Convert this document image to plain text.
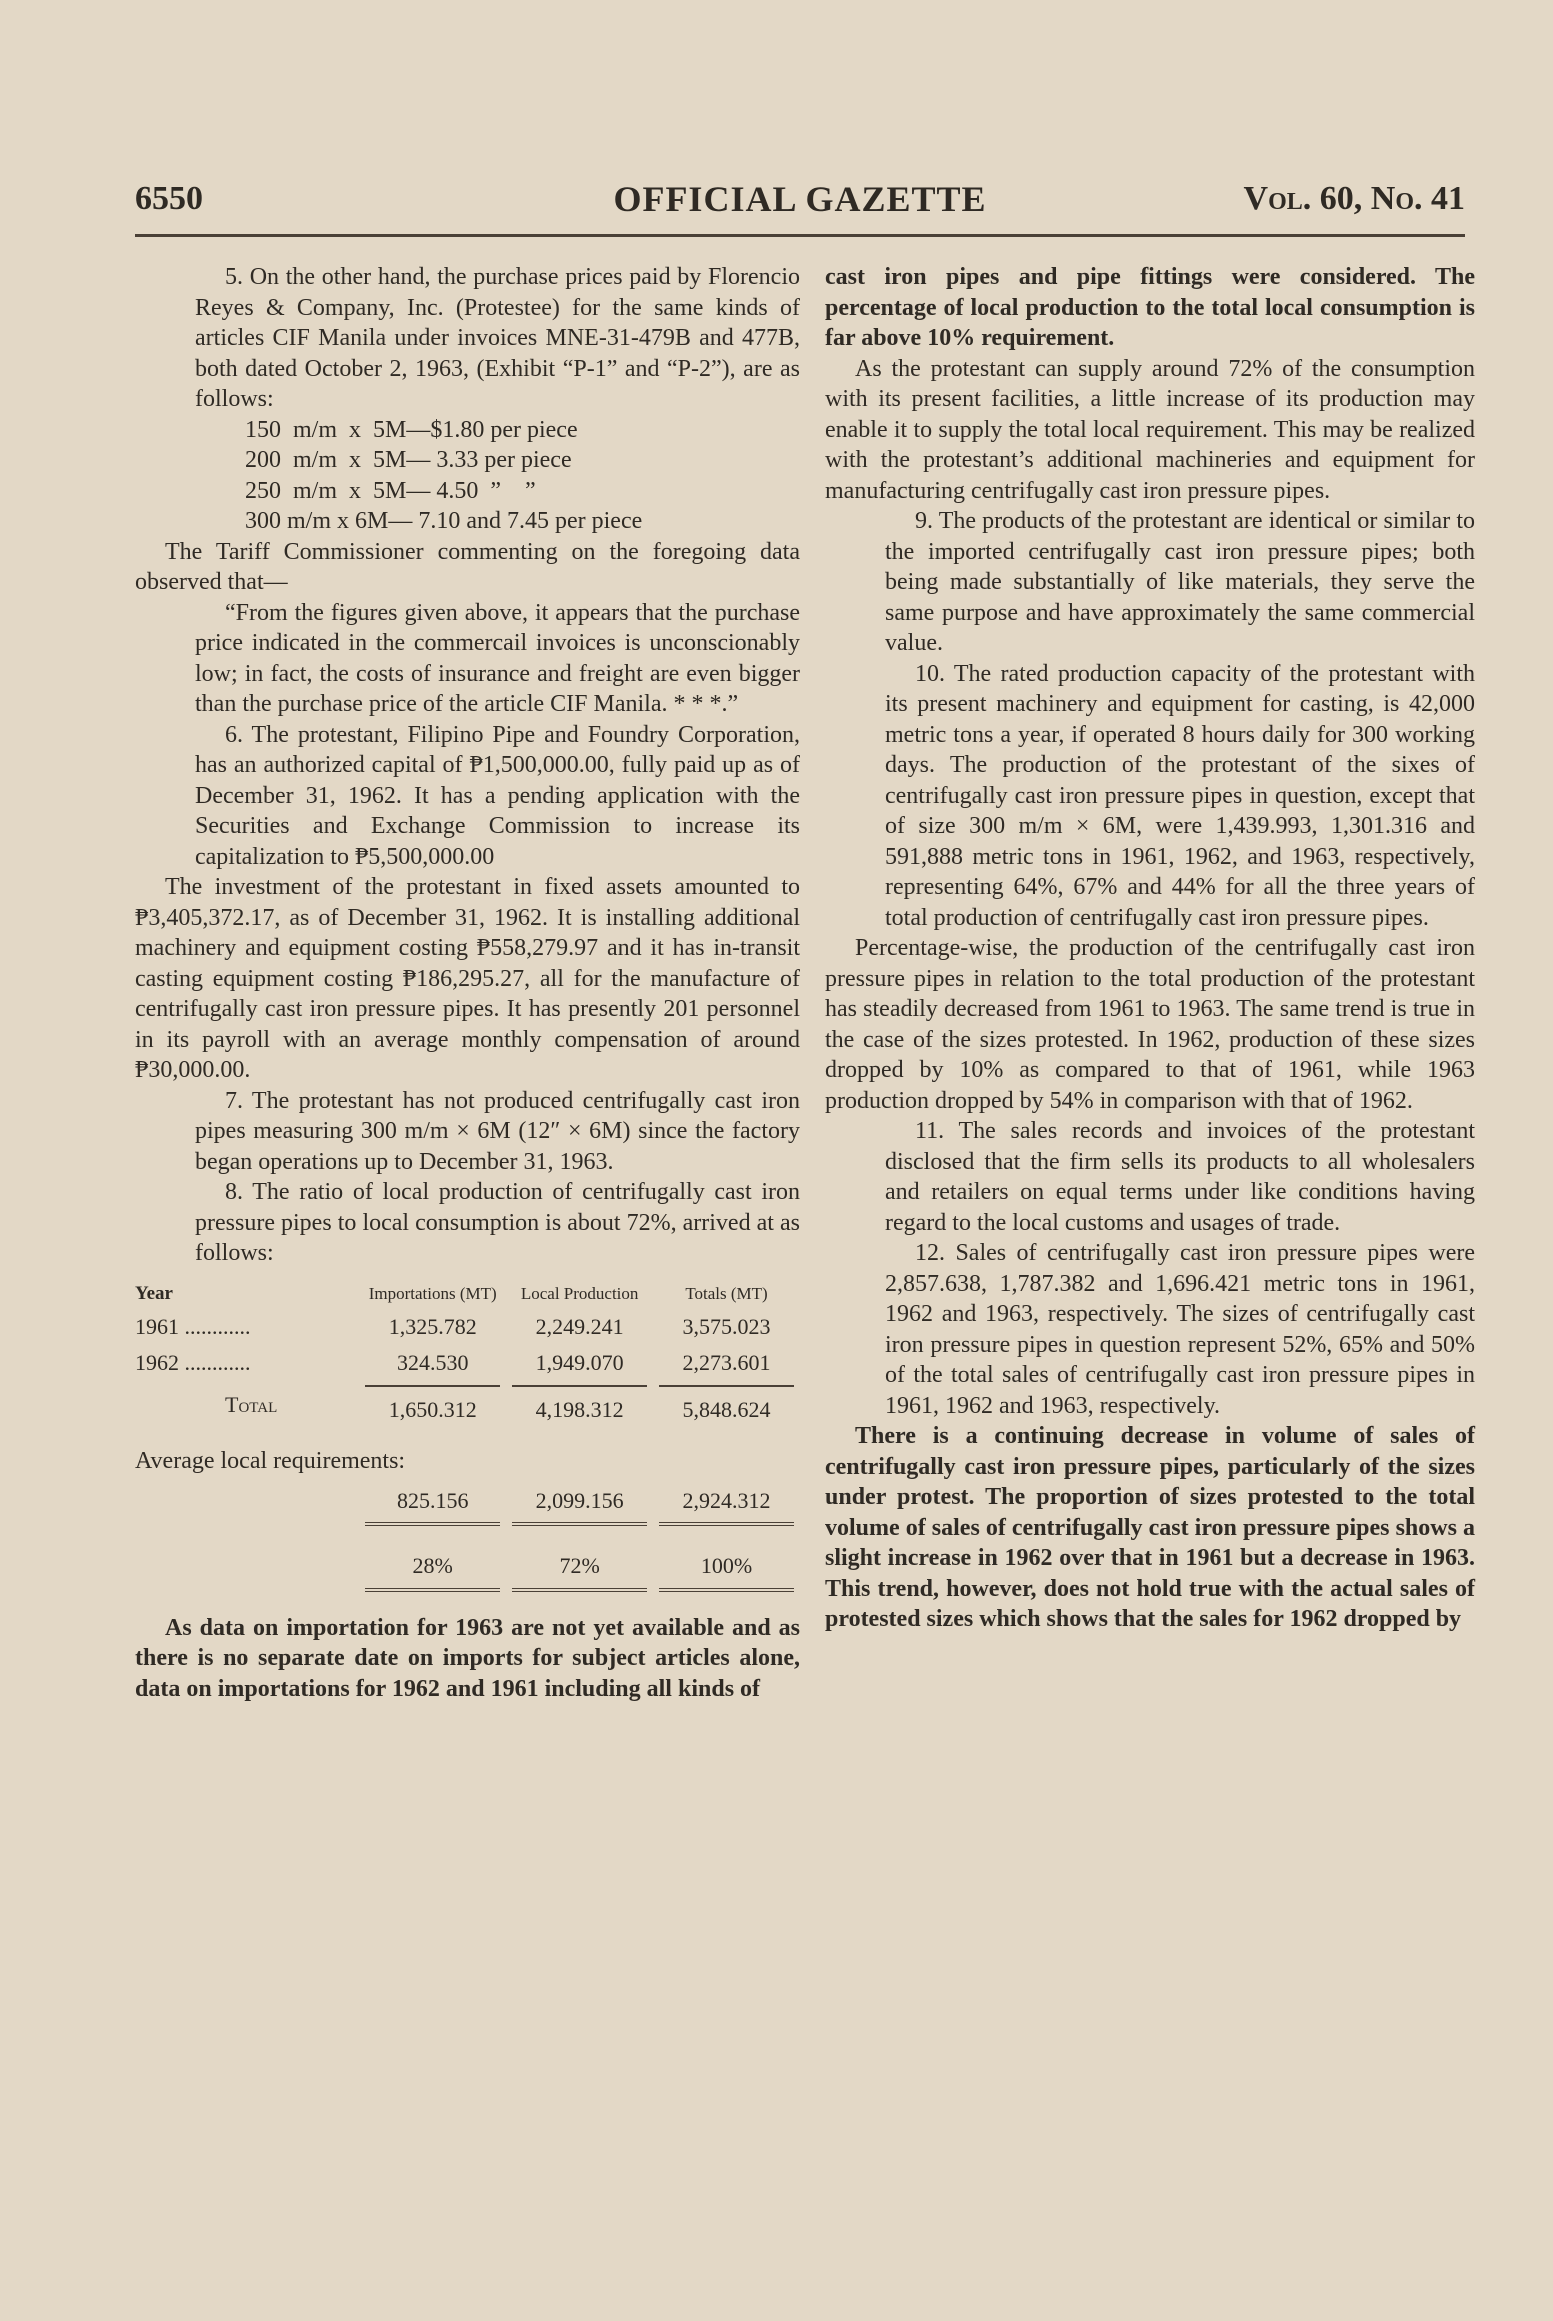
6550	OFFICIAL GAZETTE	Vol. 60, No. 41

5. On the other hand, the purchase prices paid by Florencio Reyes & Company, Inc. (Protestee) for the same kinds of articles CIF Manila under invoices MNE-31-479B and 477B, both dated October 2, 1963, (Exhibit “P-1” and “P-2”), are as follows:

150  m/m  x  5M—$1.80 per piece
200  m/m  x  5M— 3.33 per piece
250  m/m  x  5M— 4.50  ”    ”
300 m/m x 6M— 7.10 and 7.45 per piece

The Tariff Commissioner commenting on the foregoing data observed that—

“From the figures given above, it appears that the purchase price indicated in the commercail invoices is unconscionably low; in fact, the costs of insurance and freight are even bigger than the purchase price of the article CIF Manila. * * *.”

6. The protestant, Filipino Pipe and Foundry Corporation, has an authorized capital of ₱1,500,000.00, fully paid up as of December 31, 1962. It has a pending application with the Securities and Exchange Commission to increase its capitalization to ₱5,500,000.00

The investment of the protestant in fixed assets amounted to ₱3,405,372.17, as of December 31, 1962. It is installing additional machinery and equipment costing ₱558,279.97 and it has in-transit casting equipment costing ₱186,295.27, all for the manufacture of centrifugally cast iron pressure pipes. It has presently 201 personnel in its payroll with an average monthly compensation of around ₱30,000.00.

7. The protestant has not produced centrifugally cast iron pipes measuring 300 m/m × 6M (12″ × 6M) since the factory began operations up to December 31, 1963.

8. The ratio of local production of centrifugally cast iron pressure pipes to local consumption is about 72%, arrived at as follows:

Year	Importations (MT)	Local Production	Totals (MT)
1961 ............	1,325.782	2,249.241	3,575.023
1962 ............	324.530	1,949.070	2,273.601
Total	1,650.312	4,198.312	5,848.624

Average local requirements:			

	825.156	2,099.156	2,924.312
	28%	72%	100%

As data on importation for 1963 are not yet available and as there is no separate date on imports for subject articles alone, data on importations for 1962 and 1961 including all kinds of

cast iron pipes and pipe fittings were considered. The percentage of local production to the total local consumption is far above 10% requirement.

As the protestant can supply around 72% of the consumption with its present facilities, a little increase of its production may enable it to supply the total local requirement. This may be realized with the protestant’s additional machineries and equipment for manufacturing centrifugally cast iron pressure pipes.

9. The products of the protestant are identical or similar to the imported centrifugally cast iron pressure pipes; both being made substantially of like materials, they serve the same purpose and have approximately the same commercial value.

10. The rated production capacity of the protestant with its present machinery and equipment for casting, is 42,000 metric tons a year, if operated 8 hours daily for 300 working days. The production of the protestant of the sixes of centrifugally cast iron pressure pipes in question, except that of size 300 m/m × 6M, were 1,439.993, 1,301.316 and 591,888 metric tons in 1961, 1962, and 1963, respectively, representing 64%, 67% and 44% for all the three years of total production of centrifugally cast iron pressure pipes.

Percentage-wise, the production of the centrifugally cast iron pressure pipes in relation to the total production of the protestant has steadily decreased from 1961 to 1963. The same trend is true in the case of the sizes protested. In 1962, production of these sizes dropped by 10% as compared to that of 1961, while 1963 production dropped by 54% in comparison with that of 1962.

11. The sales records and invoices of the protestant disclosed that the firm sells its products to all wholesalers and retailers on equal terms under like conditions having regard to the local customs and usages of trade.

12. Sales of centrifugally cast iron pressure pipes were 2,857.638, 1,787.382 and 1,696.421 metric tons in 1961, 1962 and 1963, respectively. The sizes of centrifugally cast iron pressure pipes in question represent 52%, 65% and 50% of the total sales of centrifugally cast iron pressure pipes in 1961, 1962 and 1963, respectively.

There is a continuing decrease in volume of sales of centrifugally cast iron pressure pipes, particularly of the sizes under protest. The proportion of sizes protested to the total volume of sales of centrifugally cast iron pressure pipes shows a slight increase in 1962 over that in 1961 but a decrease in 1963. This trend, however, does not hold true with the actual sales of protested sizes which shows that the sales for 1962 dropped by
